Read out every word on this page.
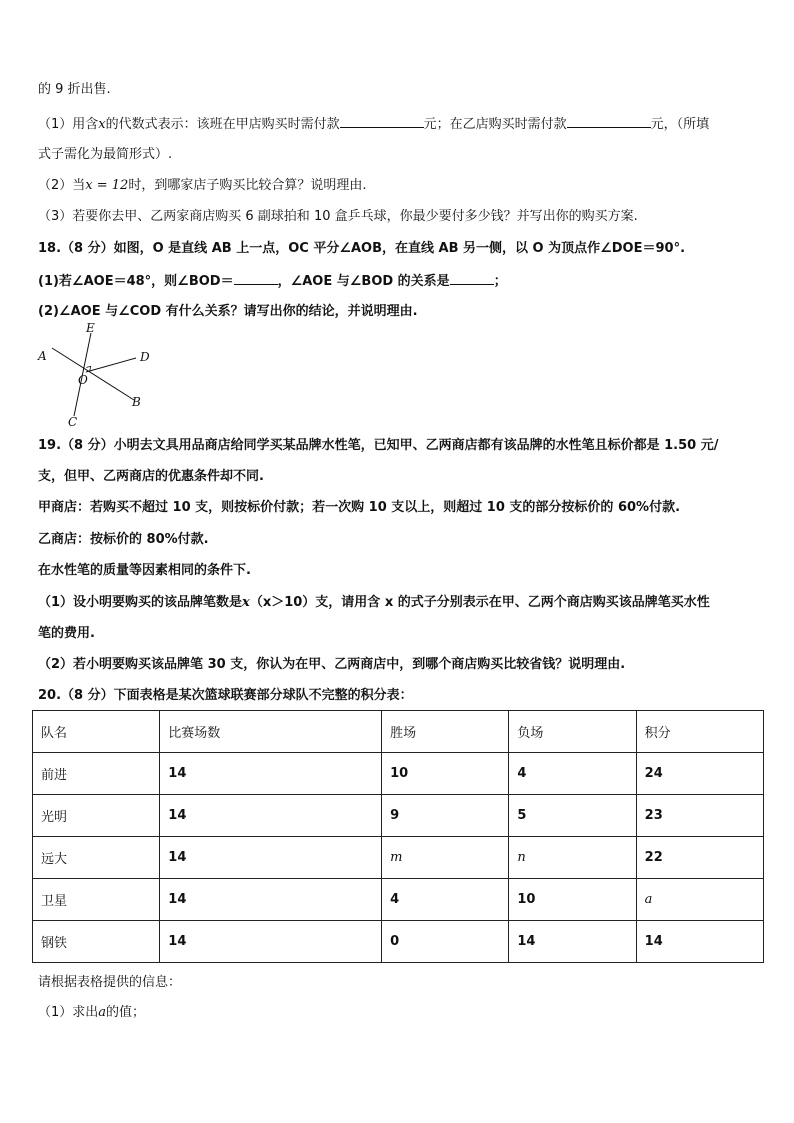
的 9 折出售.
（1）用含x的代数式表示：该班在甲店购买时需付款	元；在乙店购买时需付款	元，（所填
式子需化为最简形式）.
（2）当x = 12时，到哪家店子购买比较合算？说明理由.
（3）若要你去甲、乙两家商店购买 6 副球拍和 10 盒乒乓球，你最少要付多少钱？并写出你的购买方案.
18.（8 分）如图，O 是直线 AB 上一点，OC 平分∠AOB，在直线 AB 另一侧，以 O 为顶点作∠DOE＝90°.
(1)若∠AOE＝48°，则∠BOD＝	，∠AOE 与∠BOD 的关系是	；
(2)∠AOE 与∠COD 有什么关系？请写出你的结论，并说明理由.
E
A	D
O
B
C
19.（8 分）小明去文具用品商店给同学买某品牌水性笔，已知甲、乙两商店都有该品牌的水性笔且标价都是 1.50 元/
支，但甲、乙两商店的优惠条件却不同.
甲商店：若购买不超过 10 支，则按标价付款；若一次购 10 支以上，则超过 10 支的部分按标价的 60%付款.
乙商店：按标价的 80%付款.
在水性笔的质量等因素相同的条件下.
（1）设小明要购买的该品牌笔数是x（x＞10）支，请用含 x 的式子分别表示在甲、乙两个商店购买该品牌笔买水性
笔的费用.
（2）若小明要购买该品牌笔 30 支，你认为在甲、乙两商店中，到哪个商店购买比较省钱？说明理由.
20.（8 分）下面表格是某次篮球联赛部分球队不完整的积分表：
队名	比赛场数	胜场	负场	积分
前进	14	10	4	24
光明	14	9	5	23
远大	14	m	n	22
卫星	14	4	10	a
钢铁	14	0	14	14
请根据表格提供的信息：
（1）求出a的值；
